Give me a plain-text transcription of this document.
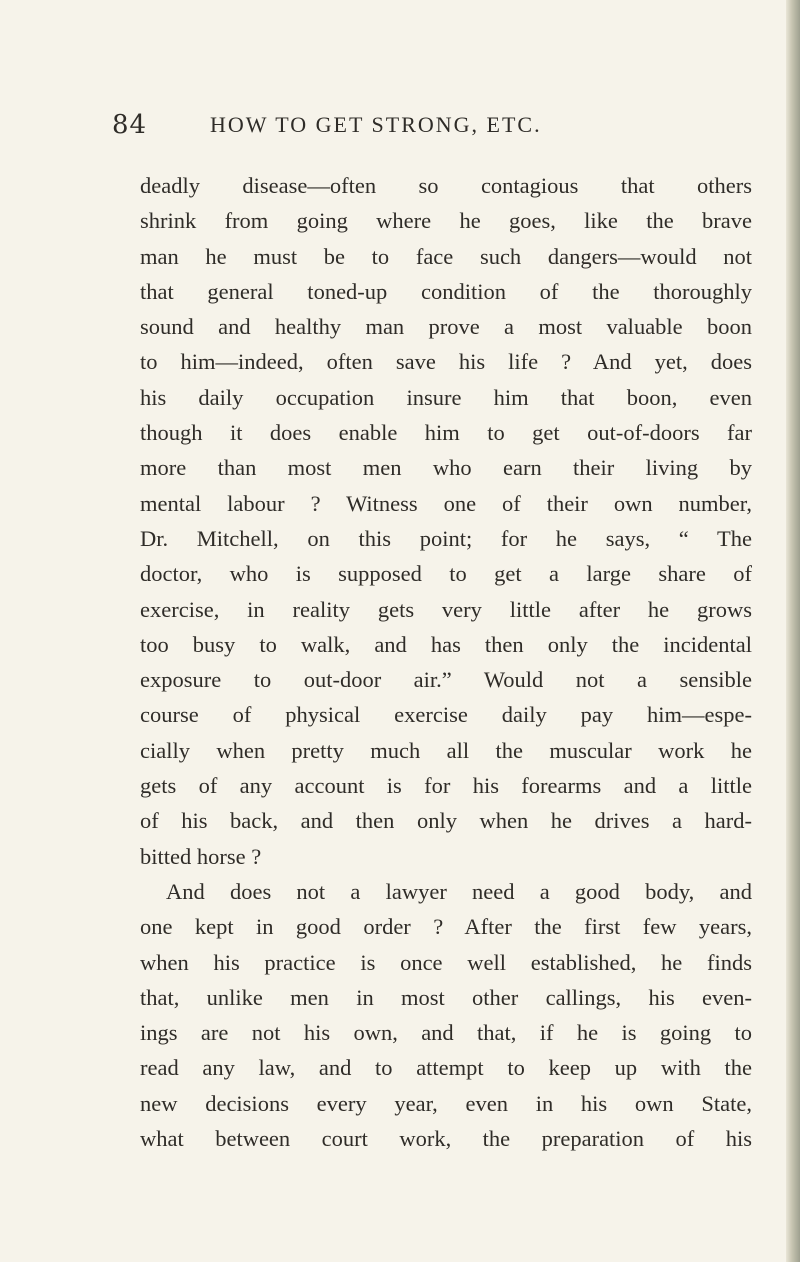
84	HOW TO GET STRONG, ETC.
deadly disease—often so contagious that others
shrink from going where he goes, like the brave
man he must be to face such dangers—would not
that general toned-up condition of the thoroughly
sound and healthy man prove a most valuable boon
to him—indeed, often save his life ? And yet, does
his daily occupation insure him that boon, even
though it does enable him to get out-of-doors far
more than most men who earn their living by
mental labour ? Witness one of their own number,
Dr. Mitchell, on this point; for he says, “ The
doctor, who is supposed to get a large share of
exercise, in reality gets very little after he grows
too busy to walk, and has then only the incidental
exposure to out-door air.” Would not a sensible
course of physical exercise daily pay him—espe-
cially when pretty much all the muscular work he
gets of any account is for his forearms and a little
of his back, and then only when he drives a hard-
bitted horse ?
And does not a lawyer need a good body, and
one kept in good order ? After the first few years,
when his practice is once well established, he finds
that, unlike men in most other callings, his even-
ings are not his own, and that, if he is going to
read any law, and to attempt to keep up with the
new decisions every year, even in his own State,
what between court work, the preparation of his
